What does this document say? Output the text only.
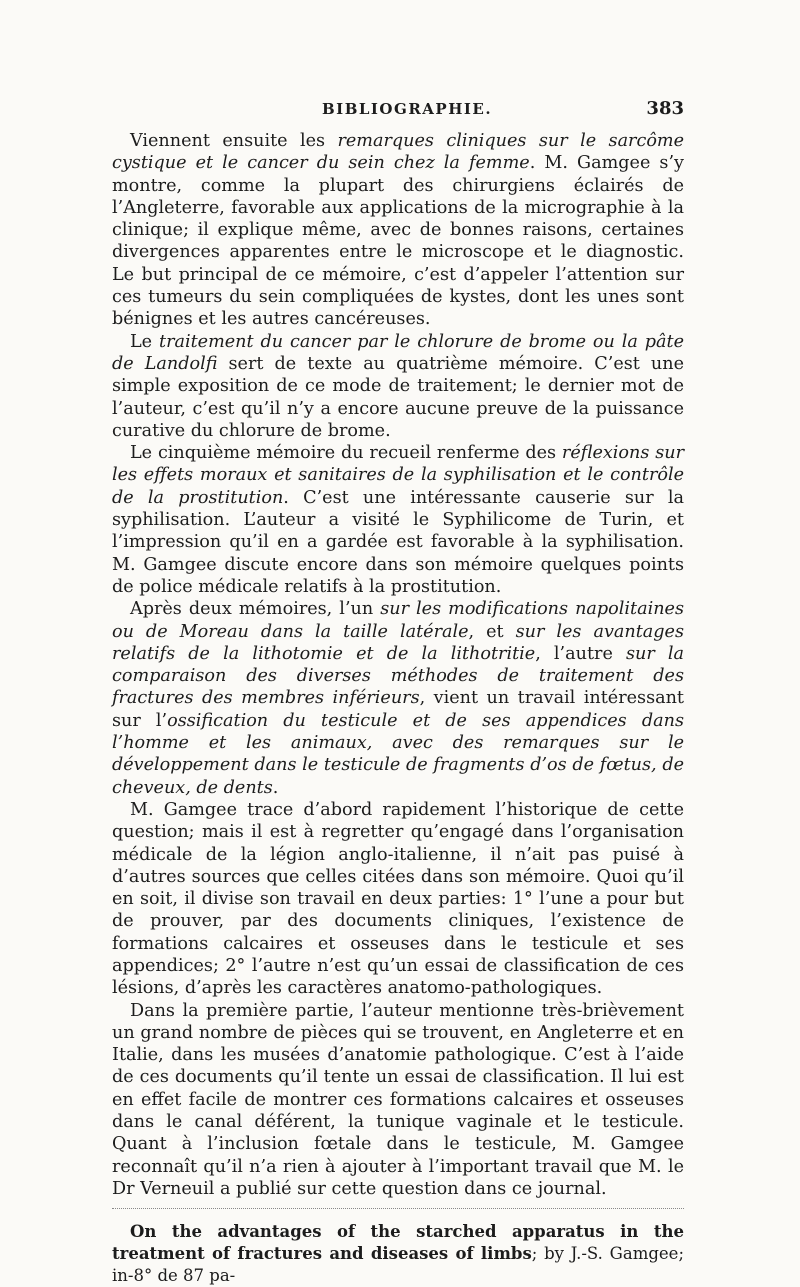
BIBLIOGRAPHIE.	383

Viennent ensuite les remarques cliniques sur le sarcôme cystique et le cancer du sein chez la femme. M. Gamgee s’y montre, comme la plupart des chirurgiens éclairés de l’Angleterre, favorable aux applications de la micrographie à la clinique; il explique même, avec de bonnes raisons, certaines divergences apparentes entre le microscope et le diagnostic. Le but principal de ce mémoire, c’est d’appeler l’attention sur ces tumeurs du sein compliquées de kystes, dont les unes sont bénignes et les autres cancéreuses.

Le traitement du cancer par le chlorure de brome ou la pâte de Landolfi sert de texte au quatrième mémoire. C’est une simple exposition de ce mode de traitement; le dernier mot de l’auteur, c’est qu’il n’y a encore aucune preuve de la puissance curative du chlorure de brome.

Le cinquième mémoire du recueil renferme des réflexions sur les effets moraux et sanitaires de la syphilisation et le contrôle de la prostitution. C’est une intéressante causerie sur la syphilisation. L’auteur a visité le Syphilicome de Turin, et l’impression qu’il en a gardée est favorable à la syphilisation. M. Gamgee discute encore dans son mémoire quelques points de police médicale relatifs à la prostitution.

Après deux mémoires, l’un sur les modifications napolitaines ou de Moreau dans la taille latérale, et sur les avantages relatifs de la lithotomie et de la lithotritie, l’autre sur la comparaison des diverses méthodes de traitement des fractures des membres inférieurs, vient un travail intéressant sur l’ossification du testicule et de ses appendices dans l’homme et les animaux, avec des remarques sur le développement dans le testicule de fragments d’os de fœtus, de cheveux, de dents.

M. Gamgee trace d’abord rapidement l’historique de cette question; mais il est à regretter qu’engagé dans l’organisation médicale de la légion anglo-italienne, il n’ait pas puisé à d’autres sources que celles citées dans son mémoire. Quoi qu’il en soit, il divise son travail en deux parties: 1° l’une a pour but de prouver, par des documents cliniques, l’existence de formations calcaires et osseuses dans le testicule et ses appendices; 2° l’autre n’est qu’un essai de classification de ces lésions, d’après les caractères anatomo-pathologiques.

Dans la première partie, l’auteur mentionne très-brièvement un grand nombre de pièces qui se trouvent, en Angleterre et en Italie, dans les musées d’anatomie pathologique. C’est à l’aide de ces documents qu’il tente un essai de classification. Il lui est en effet facile de montrer ces formations calcaires et osseuses dans le canal déférent, la tunique vaginale et le testicule. Quant à l’inclusion fœtale dans le testicule, M. Gamgee reconnaît qu’il n’a rien à ajouter à l’important travail que M. le Dr Verneuil a publié sur cette question dans ce journal.

On the advantages of the starched apparatus in the treatment of fractures and diseases of limbs; by J.-S. Gamgee; in-8° de 87 pa-
